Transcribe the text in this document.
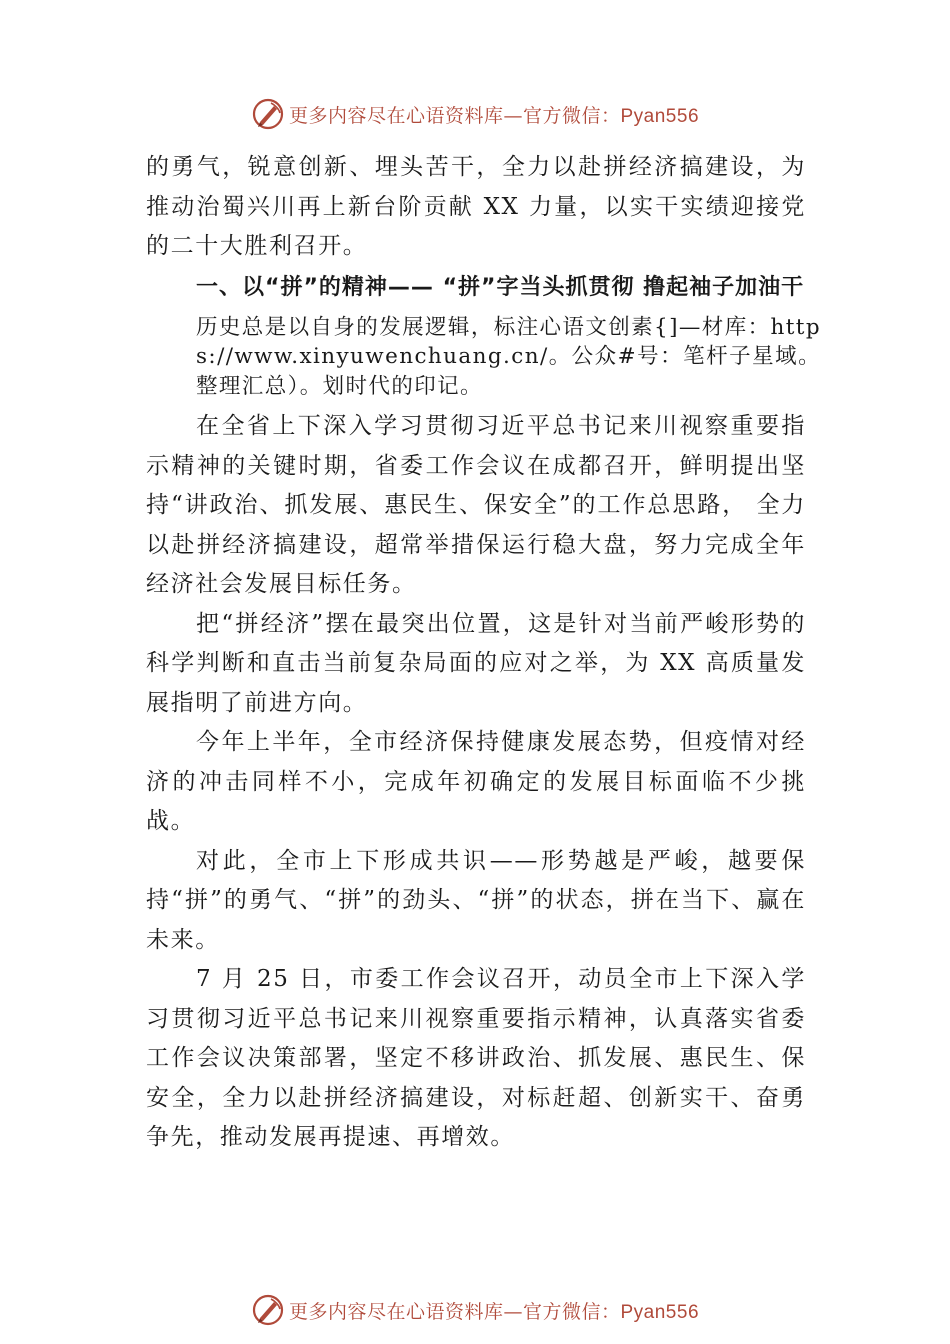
更多内容尽在心语资料库—官方微信：Pyan556

的勇气，锐意创新、埋头苦干，全力以赴拼经济搞建设，为推动治蜀兴川再上新台阶贡献 XX 力量，以实干实绩迎接党的二十大胜利召开。

一、以“拼”的精神—— “拼”字当头抓贯彻 撸起袖子加油干

历史总是以自身的发展逻辑，标注心语文创素{]—材库：https://www.xinyuwenchuang.cn/。公众#号：笔杆子星域。整理汇总）。划时代的印记。

在全省上下深入学习贯彻习近平总书记来川视察重要指示精神的关键时期，省委工作会议在成都召开，鲜明提出坚持“讲政治、抓发展、惠民生、保安全”的工作总思路， 全力以赴拼经济搞建设，超常举措保运行稳大盘，努力完成全年经济社会发展目标任务。

把“拼经济”摆在最突出位置，这是针对当前严峻形势的科学判断和直击当前复杂局面的应对之举，为 XX 高质量发展指明了前进方向。

今年上半年，全市经济保持健康发展态势，但疫情对经济的冲击同样不小，完成年初确定的发展目标面临不少挑战。

对此，全市上下形成共识——形势越是严峻，越要保持“拼”的勇气、“拼”的劲头、“拼”的状态，拼在当下、赢在未来。

7 月 25 日，市委工作会议召开，动员全市上下深入学习贯彻习近平总书记来川视察重要指示精神，认真落实省委工作会议决策部署，坚定不移讲政治、抓发展、惠民生、保安全，全力以赴拼经济搞建设，对标赶超、创新实干、奋勇争先，推动发展再提速、再增效。

更多内容尽在心语资料库—官方微信：Pyan556
